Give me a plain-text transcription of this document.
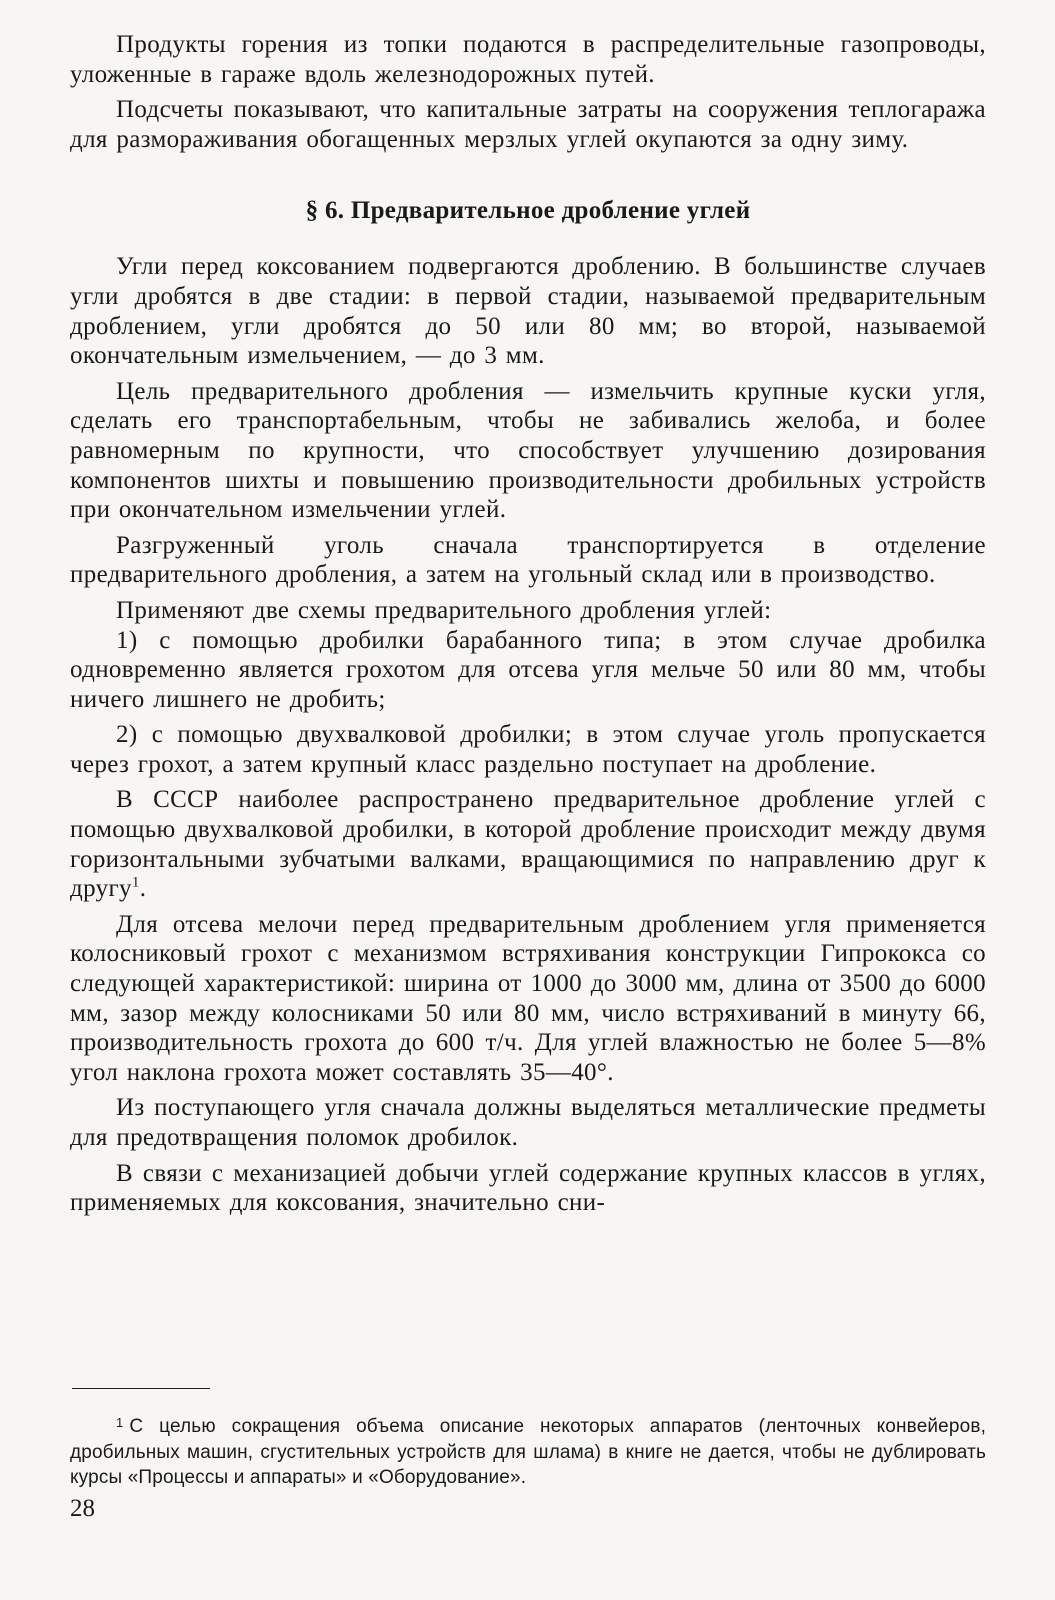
Продукты горения из топки подаются в распределительные газопроводы, уложенные в гараже вдоль железнодорожных путей.

Подсчеты показывают, что капитальные затраты на сооружения теплогаража для размораживания обогащенных мерзлых углей окупаются за одну зиму.

§ 6. Предварительное дробление углей

Угли перед коксованием подвергаются дроблению. В большинстве случаев угли дробятся в две стадии: в первой стадии, называемой предварительным дроблением, угли дробятся до 50 или 80 мм; во второй, называемой окончательным измельчением, — до 3 мм.

Цель предварительного дробления — измельчить крупные куски угля, сделать его транспортабельным, чтобы не забивались желоба, и более равномерным по крупности, что способствует улучшению дозирования компонентов шихты и повышению производительности дробильных устройств при окончательном измельчении углей.

Разгруженный уголь сначала транспортируется в отделение предварительного дробления, а затем на угольный склад или в производство.

Применяют две схемы предварительного дробления углей:

1) с помощью дробилки барабанного типа; в этом случае дробилка одновременно является грохотом для отсева угля мельче 50 или 80 мм, чтобы ничего лишнего не дробить;

2) с помощью двухвалковой дробилки; в этом случае уголь пропускается через грохот, а затем крупный класс раздельно поступает на дробление.

В СССР наиболее распространено предварительное дробление углей с помощью двухвалковой дробилки, в которой дробление происходит между двумя горизонтальными зубчатыми валками, вращающимися по направлению друг к другу$^1$.

Для отсева мелочи перед предварительным дроблением угля применяется колосниковый грохот с механизмом встряхивания конструкции Гипрококса со следующей характеристикой: ширина от 1000 до 3000 мм, длина от 3500 до 6000 мм, зазор между колосниками 50 или 80 мм, число встряхиваний в минуту 66, производительность грохота до 600 т/ч. Для углей влажностью не более 5—8% угол наклона грохота может составлять 35—40°.

Из поступающего угля сначала должны выделяться металлические предметы для предотвращения поломок дробилок.

В связи с механизацией добычи углей содержание крупных классов в углях, применяемых для коксования, значительно сни-

$^1$ С целью сокращения объема описание некоторых аппаратов (ленточных конвейеров, дробильных машин, сгустительных устройств для шлама) в книге не дается, чтобы не дублировать курсы «Процессы и аппараты» и «Оборудование».

28
